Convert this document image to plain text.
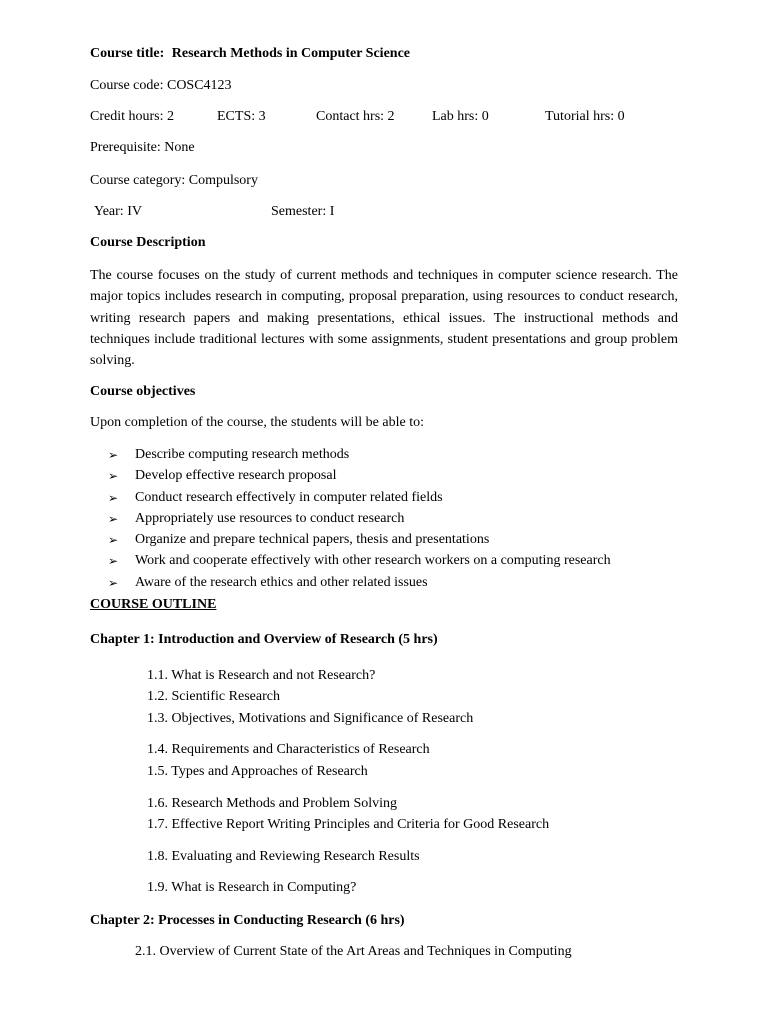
Course title: Research Methods in Computer Science
Course code: COSC4123
Credit hours: 2	ECTS: 3	Contact hrs: 2	Lab hrs: 0	Tutorial hrs: 0
Prerequisite: None
Course category: Compulsory
Year: IV	Semester: I
Course Description
The course focuses on the study of current methods and techniques in computer science research. The major topics includes research in computing, proposal preparation, using resources to conduct research, writing research papers and making presentations, ethical issues. The instructional methods and techniques include traditional lectures with some assignments, student presentations and group problem solving.
Course objectives
Upon completion of the course, the students will be able to:
➢	Describe computing research methods
➢	Develop effective research proposal
➢	Conduct research effectively in computer related fields
➢	Appropriately use resources to conduct research
➢	Organize and prepare technical papers, thesis and presentations
➢	Work and cooperate effectively with other research workers on a computing research
➢	Aware of the research ethics and other related issues
COURSE OUTLINE
Chapter 1: Introduction and Overview of Research (5 hrs)
1.1. What is Research and not Research?
1.2. Scientific Research
1.3. Objectives, Motivations and Significance of Research
1.4. Requirements and Characteristics of Research
1.5. Types and Approaches of Research
1.6. Research Methods and Problem Solving
1.7. Effective Report Writing Principles and Criteria for Good Research
1.8. Evaluating and Reviewing Research Results
1.9. What is Research in Computing?
Chapter 2: Processes in Conducting Research (6 hrs)
2.1. Overview of Current State of the Art Areas and Techniques in Computing
